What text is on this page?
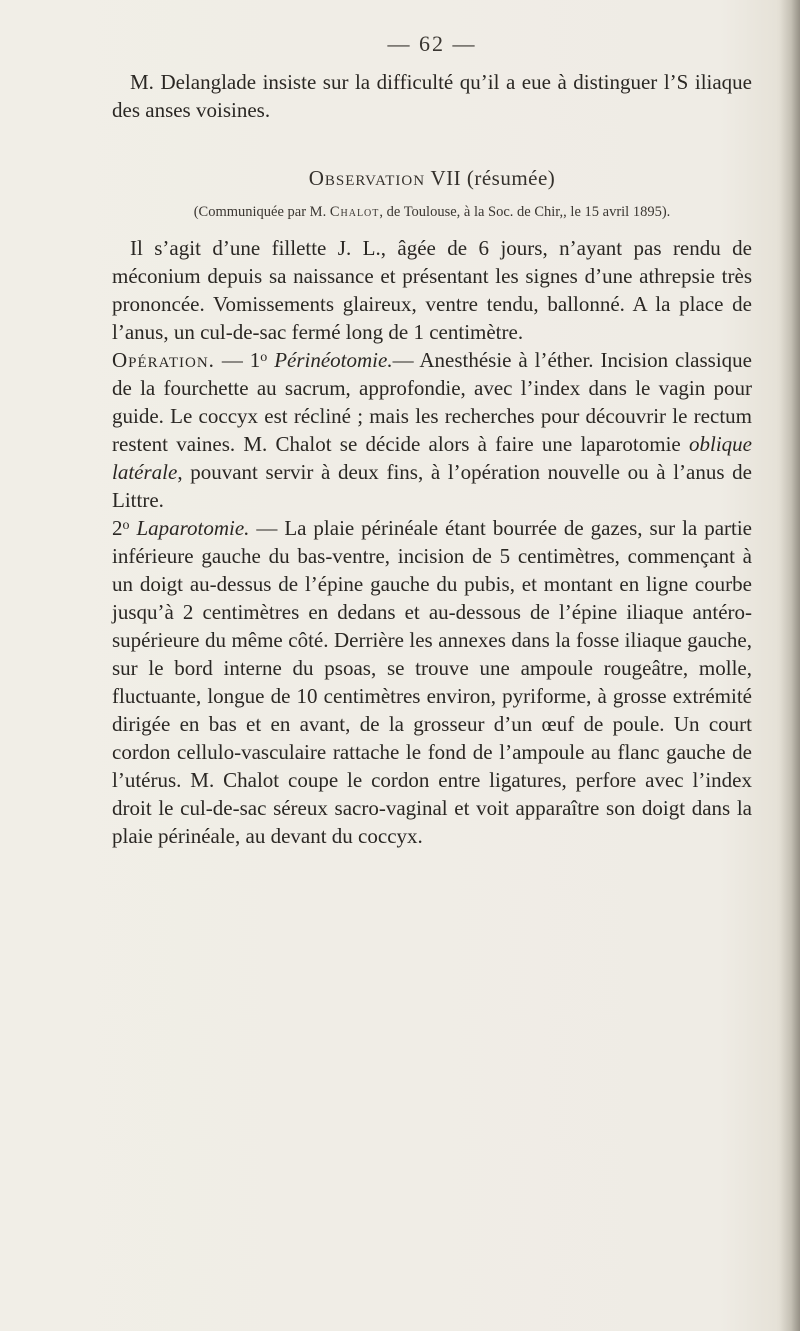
— 62 —

M. Delanglade insiste sur la difficulté qu’il a eue à distinguer l’S iliaque des anses voisines.

Observation VII (résumée)
(Communiquée par M. Chalot, de Toulouse, à la Soc. de Chir,, le 15 avril 1895).

Il s’agit d’une fillette J. L., âgée de 6 jours, n’ayant pas rendu de méconium depuis sa naissance et présentant les signes d’une athrepsie très prononcée. Vomissements glaireux, ventre tendu, ballonné. A la place de l’anus, un cul-de-sac fermé long de 1 centimètre.

Opération. — 1$^o$ Périnéotomie.— Anesthésie à l’éther. Incision classique de la fourchette au sacrum, approfondie, avec l’index dans le vagin pour guide. Le coccyx est récliné ; mais les recherches pour découvrir le rectum restent vaines. M. Chalot se décide alors à faire une laparotomie oblique latérale, pouvant servir à deux fins, à l’opération nouvelle ou à l’anus de Littre.

2$^o$ Laparotomie. — La plaie périnéale étant bourrée de gazes, sur la partie inférieure gauche du bas-ventre, incision de 5 centimètres, commençant à un doigt au-dessus de l’épine gauche du pubis, et montant en ligne courbe jusqu’à 2 centimètres en dedans et au-dessous de l’épine iliaque antéro-supérieure du même côté. Derrière les annexes dans la fosse iliaque gauche, sur le bord interne du psoas, se trouve une ampoule rougeâtre, molle, fluctuante, longue de 10 centimètres environ, pyriforme, à grosse extrémité dirigée en bas et en avant, de la grosseur d’un œuf de poule. Un court cordon cellulo-vasculaire rattache le fond de l’ampoule au flanc gauche de l’utérus. M. Chalot coupe le cordon entre ligatures, perfore avec l’index droit le cul-de-sac séreux sacro-vaginal et voit apparaître son doigt dans la plaie périnéale, au devant du coccyx.
